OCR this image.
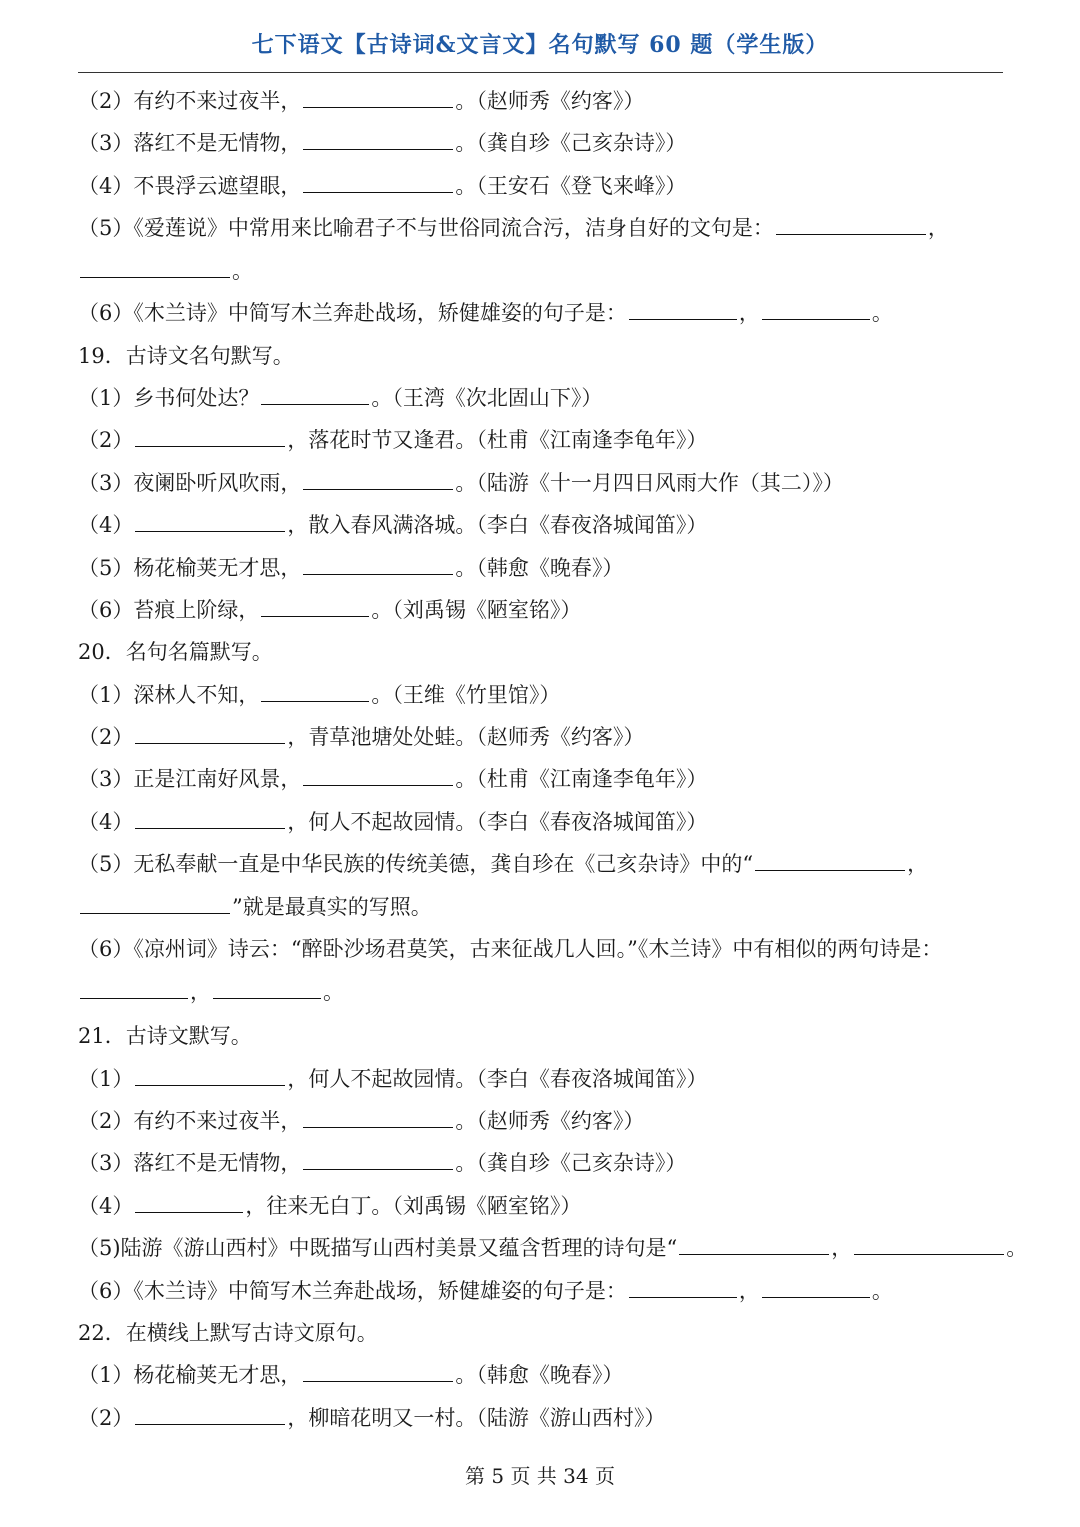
七下语文【古诗词&文言文】名句默写 60 题（学生版）
（2）有约不来过夜半，	。（赵师秀《约客》）
（3）落红不是无情物，	。（龚自珍《己亥杂诗》）
（4）不畏浮云遮望眼，	。（王安石《登飞来峰》）
（5）《爱莲说》中常用来比喻君子不与世俗同流合污，洁身自好的文句是：	，
。
（6）《木兰诗》中简写木兰奔赴战场，矫健雄姿的句子是：	，	。
19．古诗文名句默写。
（1）乡书何处达？	。（王湾《次北固山下》）
（2）	，落花时节又逢君。（杜甫《江南逢李龟年》）
（3）夜阑卧听风吹雨，	。（陆游《十一月四日风雨大作（其二）》）
（4）	，散入春风满洛城。（李白《春夜洛城闻笛》）
（5）杨花榆荚无才思，	。（韩愈《晚春》）
（6）苔痕上阶绿，	。（刘禹锡《陋室铭》）
20．名句名篇默写。
（1）深林人不知，	。（王维《竹里馆》）
（2）	，青草池塘处处蛙。（赵师秀《约客》）
（3）正是江南好风景，	。（杜甫《江南逢李龟年》）
（4）	，何人不起故园情。（李白《春夜洛城闻笛》）
（5）无私奉献一直是中华民族的传统美德，龚自珍在《己亥杂诗》中的“	，
”就是最真实的写照。
（6）《凉州词》诗云：“醉卧沙场君莫笑，古来征战几人回。”《木兰诗》中有相似的两句诗是：
，	。
21．古诗文默写。
（1）	，何人不起故园情。（李白《春夜洛城闻笛》）
（2）有约不来过夜半，	。（赵师秀《约客》）
（3）落红不是无情物，	。（龚自珍《己亥杂诗》）
（4）	，往来无白丁。（刘禹锡《陋室铭》）
（5)陆游《游山西村》中既描写山西村美景又蕴含哲理的诗句是“	，	。
（6）《木兰诗》中简写木兰奔赴战场，矫健雄姿的句子是：	，	。
22．在横线上默写古诗文原句。
（1）杨花榆荚无才思，	。（韩愈《晚春》）
（2）	，柳暗花明又一村。（陆游《游山西村》）
第 5 页 共 34 页
